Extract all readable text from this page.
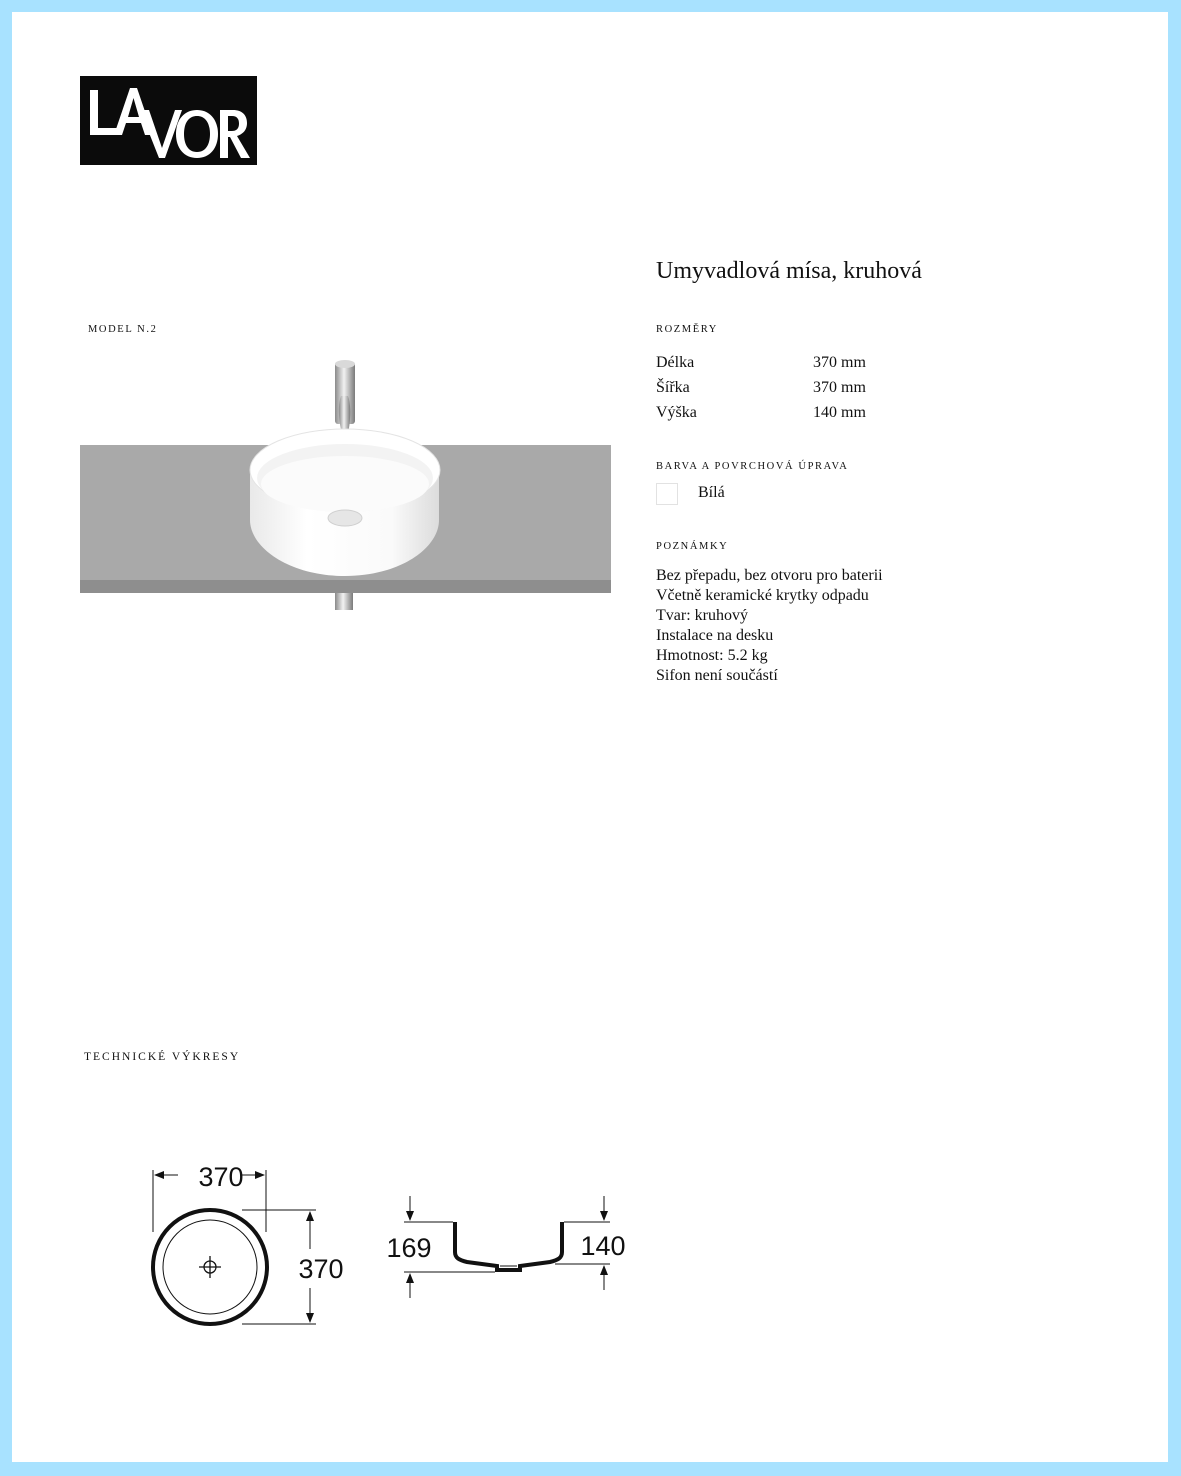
MODEL N.2
Umyvadlová mísa, kruhová
ROZMĚRY
Délka	370 mm
Šířka	370 mm
Výška	140 mm
BARVA A POVRCHOVÁ ÚPRAVA
Bílá
POZNÁMKY
Bez přepadu, bez otvoru pro baterii
Včetně keramické krytky odpadu
Tvar: kruhový
Instalace na desku
Hmotnost: 5.2 kg
Sifon není součástí
TECHNICKÉ VÝKRESY
370
370
169	140
